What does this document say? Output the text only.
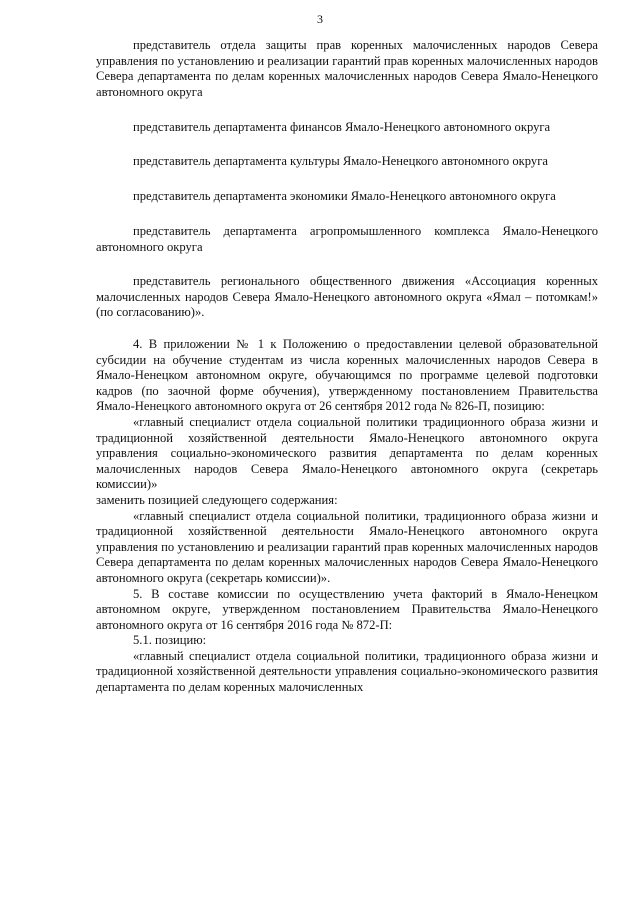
3

представитель отдела защиты прав коренных малочисленных народов Севера управления по установлению и реализации гарантий прав коренных малочисленных народов Севера департамента по делам коренных малочисленных народов Севера Ямало-Ненецкого автономного округа

представитель департамента финансов Ямало-Ненецкого автономного округа

представитель департамента культуры Ямало-Ненецкого автономного округа

представитель департамента экономики Ямало-Ненецкого автономного округа

представитель департамента агропромышленного комплекса Ямало-Ненецкого автономного округа

представитель регионального общественного движения «Ассоциация коренных малочисленных народов Севера Ямало-Ненецкого автономного округа «Ямал – потомкам!» (по согласованию)».

4. В приложении № 1 к Положению о предоставлении целевой образовательной субсидии на обучение студентам из числа коренных малочисленных народов Севера в Ямало-Ненецком автономном округе, обучающимся по программе целевой подготовки кадров (по заочной форме обучения), утвержденному постановлением Правительства Ямало-Ненецкого автономного округа от 26 сентября 2012 года № 826-П, позицию:

«главный специалист отдела социальной политики традиционного образа жизни и традиционной хозяйственной деятельности Ямало-Ненецкого автономного округа управления социально-экономического развития департамента по делам коренных малочисленных народов Севера Ямало-Ненецкого автономного округа (секретарь комиссии)»

заменить позицией следующего содержания:

«главный специалист отдела социальной политики, традиционного образа жизни и традиционной хозяйственной деятельности Ямало-Ненецкого автономного округа управления по установлению и реализации гарантий прав коренных малочисленных народов Севера департамента по делам коренных малочисленных народов Севера Ямало-Ненецкого автономного округа (секретарь комиссии)».

5. В составе комиссии по осуществлению учета факторий в Ямало-Ненецком автономном округе, утвержденном постановлением Правительства Ямало-Ненецкого автономного округа от 16 сентября 2016 года № 872-П:

5.1. позицию:

«главный специалист отдела социальной политики, традиционного образа жизни и традиционной хозяйственной деятельности управления социально-экономического развития департамента по делам коренных малочисленных
